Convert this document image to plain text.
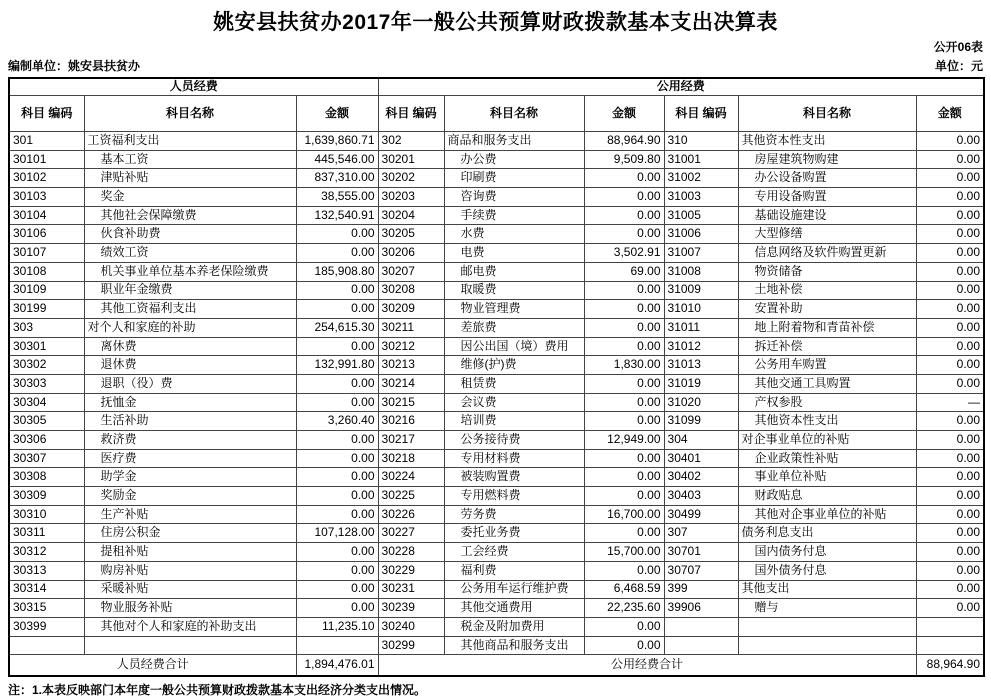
姚安县扶贫办2017年一般公共预算财政拨款基本支出决算表
公开06表
编制单位：姚安县扶贫办	单位：元
人员经费			公用经费					
科目 编码	科目名称	金额	科目 编码	科目名称	金额	科目 编码	科目名称	金额
301	工资福利支出	1,639,860.71	302	商品和服务支出	88,964.90	310	其他资本性支出	0.00
30101	基本工资	445,546.00	30201	办公费	9,509.80	31001	房屋建筑物购建	0.00
30102	津贴补贴	837,310.00	30202	印刷费	0.00	31002	办公设备购置	0.00
30103	奖金	38,555.00	30203	咨询费	0.00	31003	专用设备购置	0.00
30104	其他社会保障缴费	132,540.91	30204	手续费	0.00	31005	基础设施建设	0.00
30106	伙食补助费	0.00	30205	水费	0.00	31006	大型修缮	0.00
30107	绩效工资	0.00	30206	电费	3,502.91	31007	信息网络及软件购置更新	0.00
30108	机关事业单位基本养老保险缴费	185,908.80	30207	邮电费	69.00	31008	物资储备	0.00
30109	职业年金缴费	0.00	30208	取暖费	0.00	31009	土地补偿	0.00
30199	其他工资福利支出	0.00	30209	物业管理费	0.00	31010	安置补助	0.00
303	对个人和家庭的补助	254,615.30	30211	差旅费	0.00	31011	地上附着物和青苗补偿	0.00
30301	离休费	0.00	30212	因公出国（境）费用	0.00	31012	拆迁补偿	0.00
30302	退休费	132,991.80	30213	维修(护)费	1,830.00	31013	公务用车购置	0.00
30303	退职（役）费	0.00	30214	租赁费	0.00	31019	其他交通工具购置	0.00
30304	抚恤金	0.00	30215	会议费	0.00	31020	产权参股	—
30305	生活补助	3,260.40	30216	培训费	0.00	31099	其他资本性支出	0.00
30306	救济费	0.00	30217	公务接待费	12,949.00	304	对企事业单位的补贴	0.00
30307	医疗费	0.00	30218	专用材料费	0.00	30401	企业政策性补贴	0.00
30308	助学金	0.00	30224	被装购置费	0.00	30402	事业单位补贴	0.00
30309	奖励金	0.00	30225	专用燃料费	0.00	30403	财政贴息	0.00
30310	生产补贴	0.00	30226	劳务费	16,700.00	30499	其他对企事业单位的补贴	0.00
30311	住房公积金	107,128.00	30227	委托业务费	0.00	307	债务利息支出	0.00
30312	提租补贴	0.00	30228	工会经费	15,700.00	30701	国内债务付息	0.00
30313	购房补贴	0.00	30229	福利费	0.00	30707	国外债务付息	0.00
30314	采暖补贴	0.00	30231	公务用车运行维护费	6,468.59	399	其他支出	0.00
30315	物业服务补贴	0.00	30239	其他交通费用	22,235.60	39906	赠与	0.00
30399	其他对个人和家庭的补助支出	11,235.10	30240	税金及附加费用	0.00			
			30299	其他商品和服务支出	0.00			
人员经费合计		1,894,476.01	公用经费合计					88,964.90
注：1.本表反映部门本年度一般公共预算财政拨款基本支出经济分类支出情况。
